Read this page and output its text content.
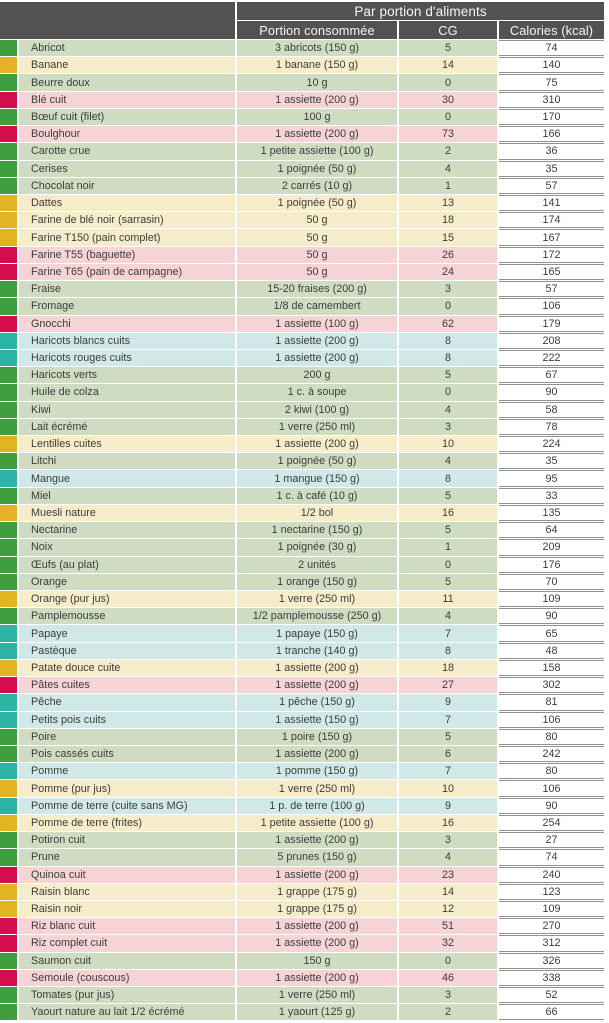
Par portion d'aliments
Portion consommée	CG	Calories (kcal)
Abricot	3 abricots (150 g)	5	74
Banane	1 banane (150 g)	14	140
Beurre doux	10 g	0	75
Blé cuit	1 assiette (200 g)	30	310
Bœuf cuit (filet)	100 g	0	170
Boulghour	1 assiette (200 g)	73	166
Carotte crue	1 petite assiette (100 g)	2	36
Cerises	1 poignée (50 g)	4	35
Chocolat noir	2 carrés (10 g)	1	57
Dattes	1 poignée (50 g)	13	141
Farine de blé noir (sarrasin)	50 g	18	174
Farine T150 (pain complet)	50 g	15	167
Farine T55 (baguette)	50 g	26	172
Farine T65 (pain de campagne)	50 g	24	165
Fraise	15-20 fraises (200 g)	3	57
Fromage	1/8 de camembert	0	106
Gnocchi	1 assiette (100 g)	62	179
Haricots blancs cuits	1 assiette (200 g)	8	208
Haricots rouges cuits	1 assiette (200 g)	8	222
Haricots verts	200 g	5	67
Huile de colza	1 c. à soupe	0	90
Kiwi	2 kiwi (100 g)	4	58
Lait écrémé	1 verre (250 ml)	3	78
Lentilles cuites	1 assiette (200 g)	10	224
Litchi	1 poignée (50 g)	4	35
Mangue	1 mangue (150 g)	8	95
Miel	1 c. à café (10 g)	5	33
Muesli nature	1/2 bol	16	135
Nectarine	1 nectarine (150 g)	5	64
Noix	1 poignée (30 g)	1	209
Œufs (au plat)	2 unités	0	176
Orange	1 orange (150 g)	5	70
Orange (pur jus)	1 verre (250 ml)	11	109
Pamplemousse	1/2 pamplemousse (250 g)	4	90
Papaye	1 papaye (150 g)	7	65
Pastèque	1 tranche (140 g)	8	48
Patate douce cuite	1 assiette (200 g)	18	158
Pâtes cuites	1 assiette (200 g)	27	302
Pêche	1 pêche (150 g)	9	81
Petits pois cuits	1 assiette (150 g)	7	106
Poire	1 poire (150 g)	5	80
Pois cassés cuits	1 assiette (200 g)	6	242
Pomme	1 pomme (150 g)	7	80
Pomme (pur jus)	1 verre (250 ml)	10	106
Pomme de terre (cuite sans MG)	1 p. de terre (100 g)	9	90
Pomme de terre (frites)	1 petite assiette (100 g)	16	254
Potiron cuit	1 assiette (200 g)	3	27
Prune	5 prunes (150 g)	4	74
Quinoa cuit	1 assiette (200 g)	23	240
Raisin blanc	1 grappe (175 g)	14	123
Raisin noir	1 grappe (175 g)	12	109
Riz blanc cuit	1 assiette (200 g)	51	270
Riz complet cuit	1 assiette (200 g)	32	312
Saumon cuit	150 g	0	326
Semoule (couscous)	1 assiette (200 g)	46	338
Tomates (pur jus)	1 verre (250 ml)	3	52
Yaourt nature au lait 1/2 écrémé	1 yaourt (125 g)	2	66
